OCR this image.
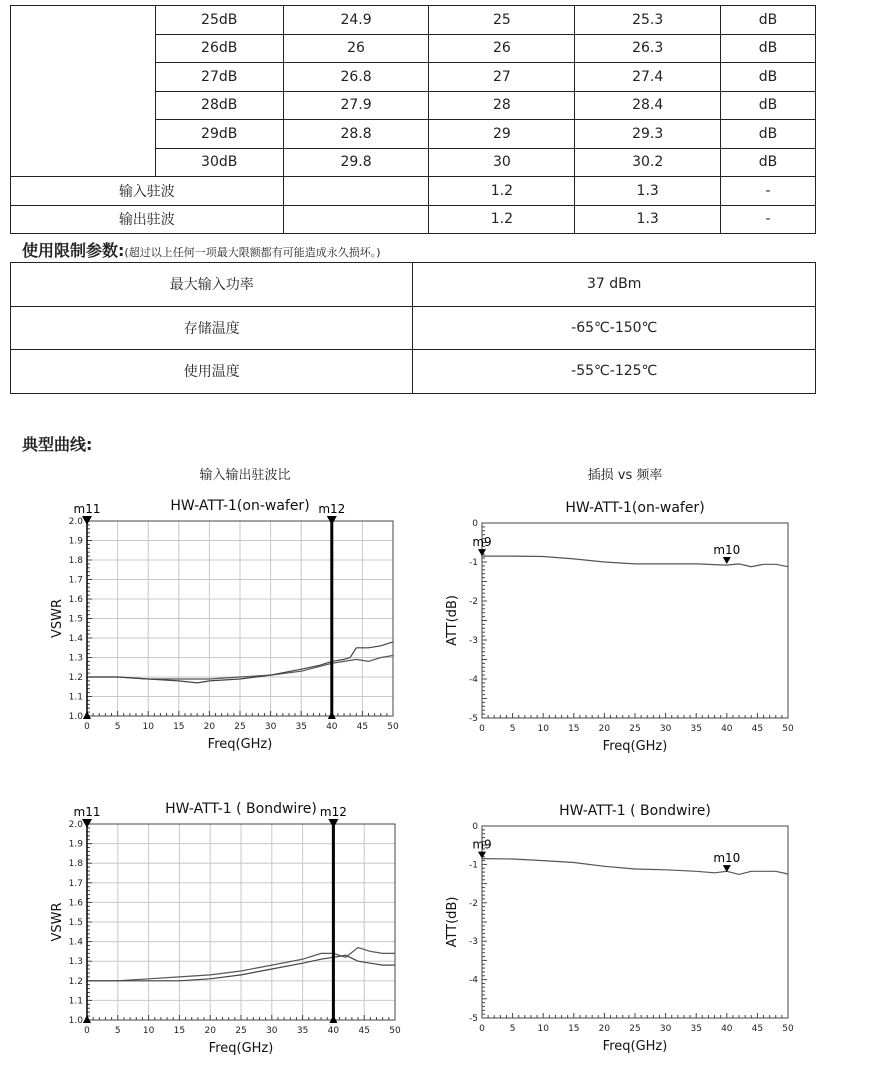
	25dB	24.9	25	25.3	dB
	26dB	26	26	26.3	dB
	27dB	26.8	27	27.4	dB
	28dB	27.9	28	28.4	dB
	29dB	28.8	29	29.3	dB
	30dB	29.8	30	30.2	dB
输入驻波			1.2	1.3	-
输出驻波			1.2	1.3	-
使用限制参数:(超过以上任何一项最大限额都有可能造成永久损坏。)
最大输入功率	37 dBm
存储温度	-65℃-150℃
使用温度	-55℃-125℃
典型曲线:
输入输出驻波比	插损 vs 频率
HW-ATT-1(on-wafer)
0	5 10 15 20 25 30 35 40 45 50
1.0
1.1
1.2
1.3
1.4
1.5
1.6
1.7
1.8
1.9
2.0
Freq(GHz)
VSWR
m11	m12	HW-ATT-1(on-wafer)
0	5 10 15 20 25 30 35 40 45 50
-5
-4
-3
-2
-1
0
Freq(GHz)
ATT(dB)
m9
m10
HW-ATT-1 ( Bondwire)
0	5 10 15 20 25 30 35 40 45 50
1.0
1.1
1.2
1.3
1.4
1.5
1.6
1.7
1.8
1.9
2.0
Freq(GHz)
VSWR
m11	m12	HW-ATT-1 ( Bondwire)
0	5 10 15 20 25 30 35 40 45 50
-5
-4
-3
-2
-1
0
Freq(GHz)
ATT(dB)
m9
m10
